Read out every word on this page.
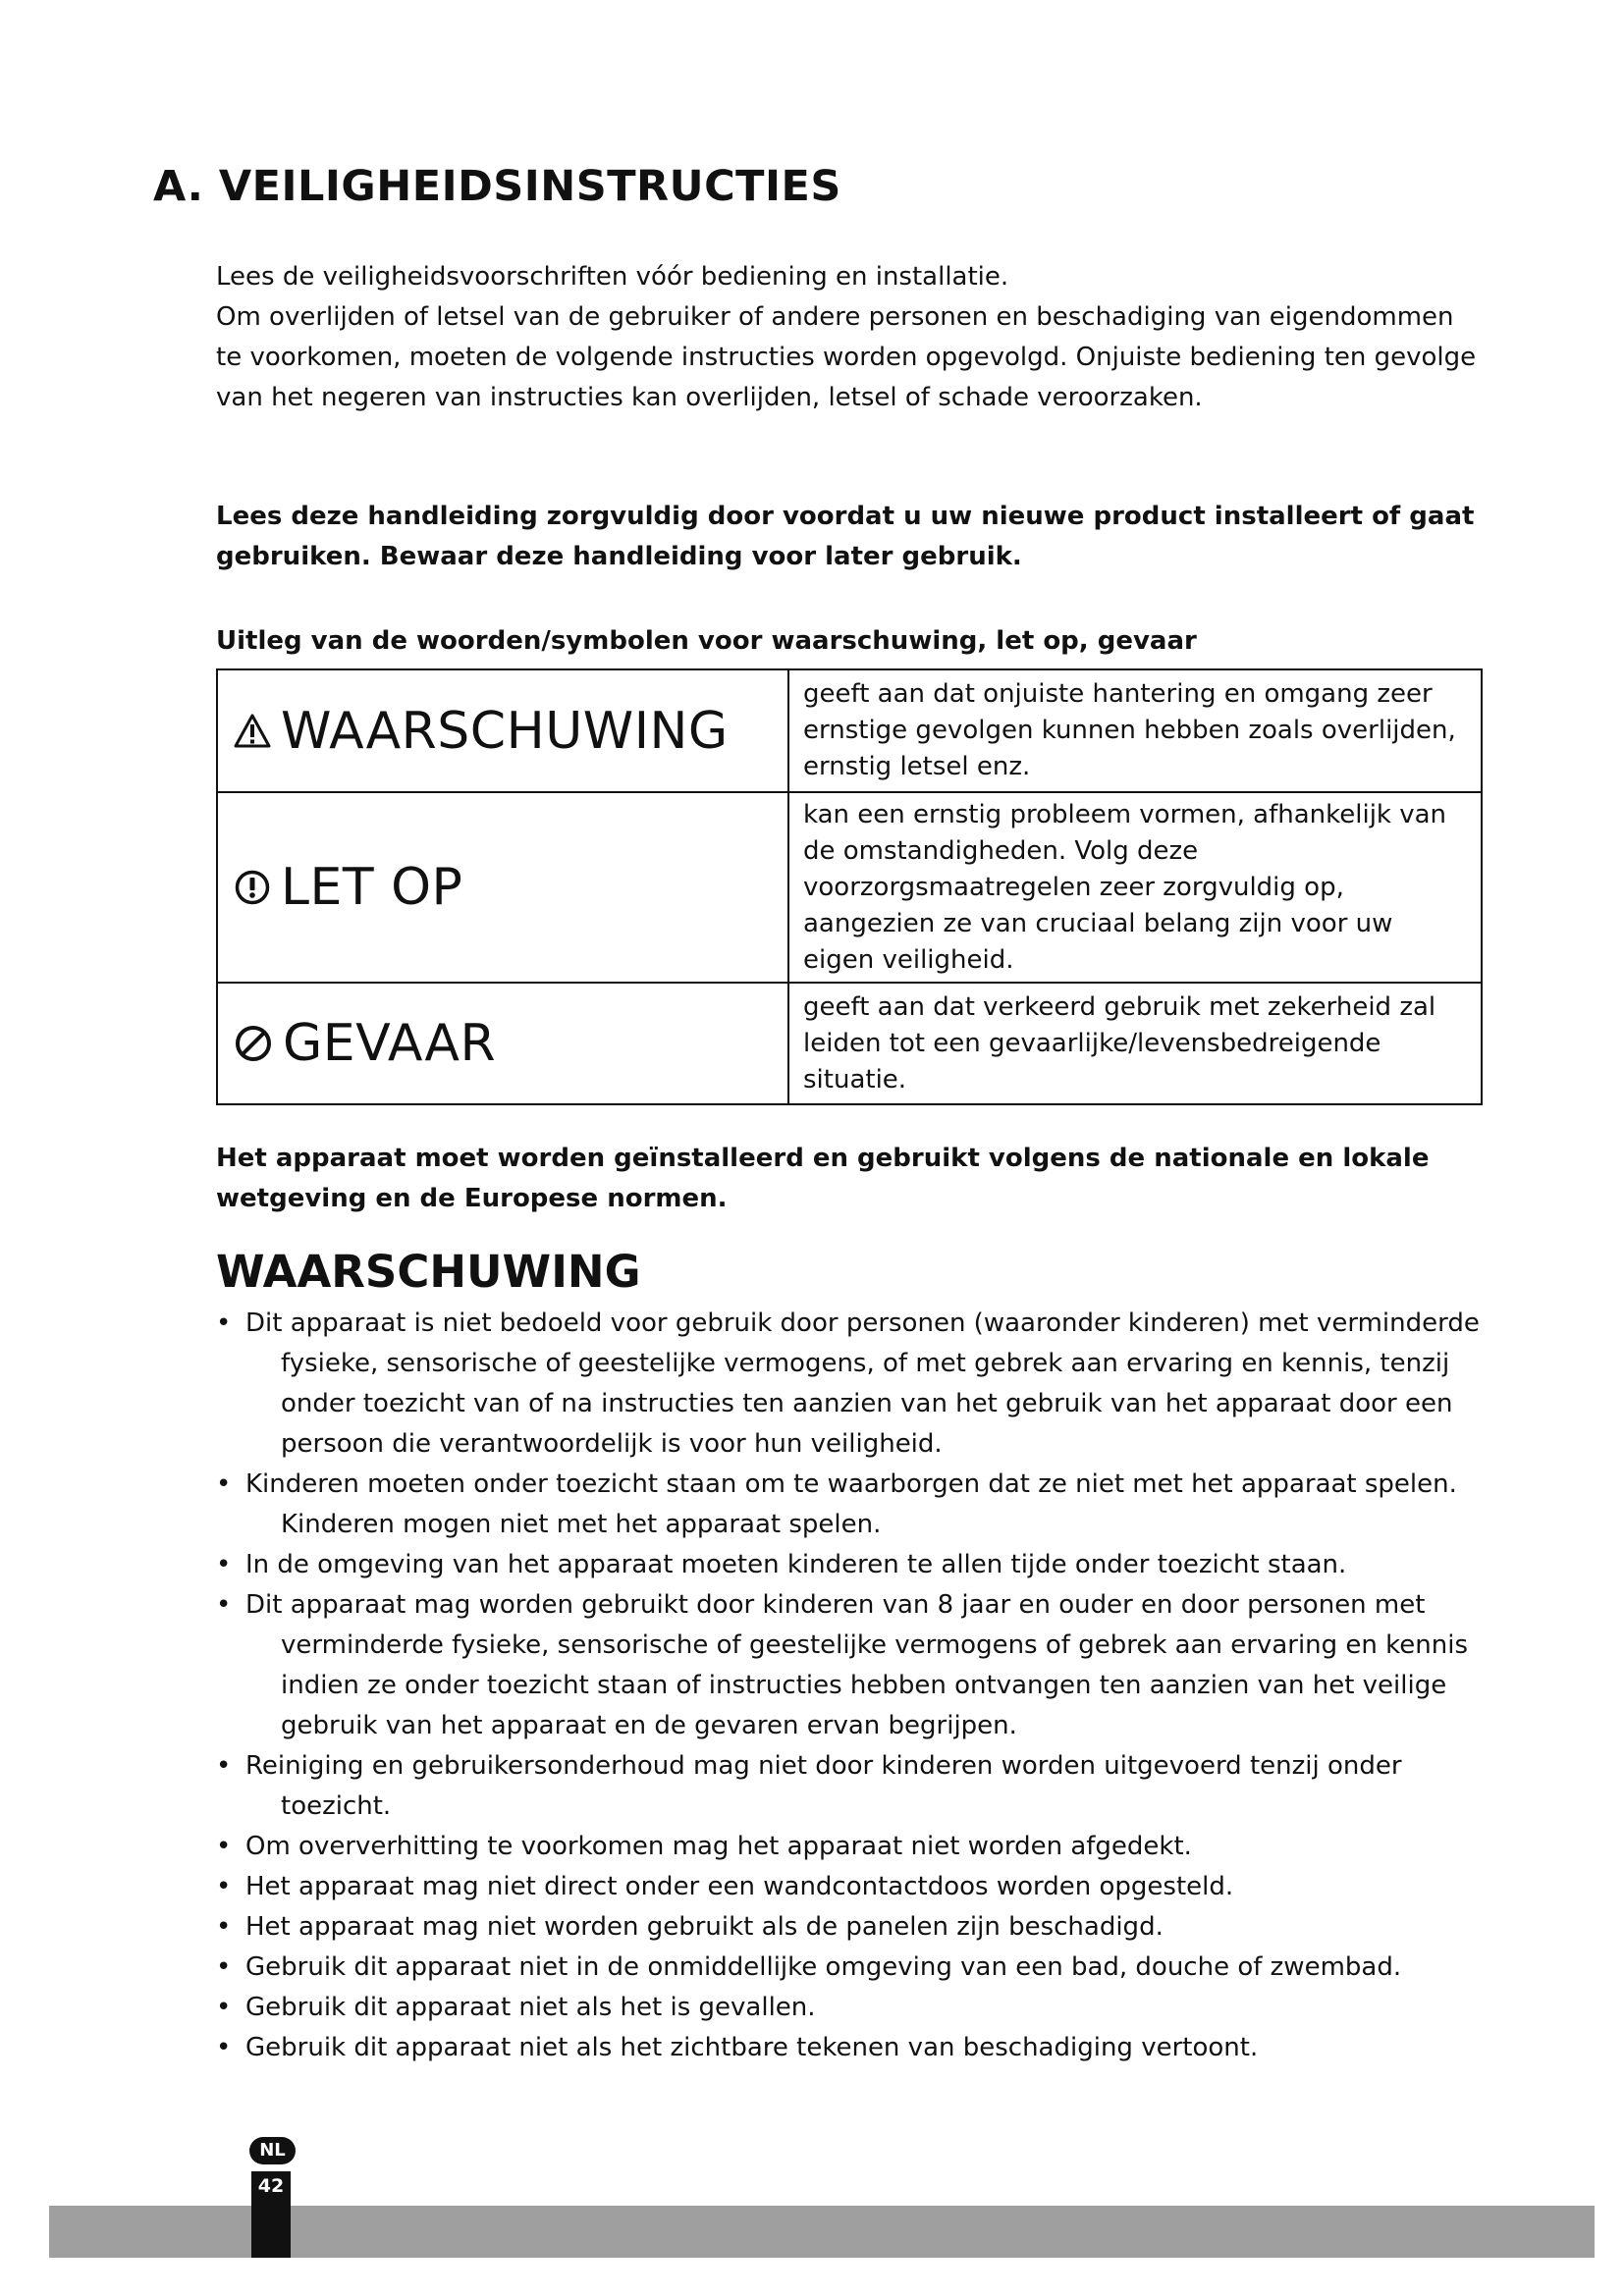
A. VEILIGHEIDSINSTRUCTIES

Lees de veiligheidsvoorschriften vóór bediening en installatie.

Om overlijden of letsel van de gebruiker of andere personen en beschadiging van eigendommen te voorkomen, moeten de volgende instructies worden opgevolgd. Onjuiste bediening ten gevolge van het negeren van instructies kan overlijden, letsel of schade veroorzaken.

Lees deze handleiding zorgvuldig door voordat u uw nieuwe product installeert of gaat gebruiken. Bewaar deze handleiding voor later gebruik.
Uitleg van de woorden/symbolen voor waarschuwing, let op, gevaar
WAARSCHUWING	geeft aan dat onjuiste hantering en omgang zeer ernstige gevolgen kunnen hebben zoals overlijden, ernstig letsel enz.

LET OP	kan een ernstig probleem vormen, afhankelijk van de omstandigheden. Volg deze voorzorgsmaatregelen zeer zorgvuldig op, aangezien ze van cruciaal belang zijn voor uw eigen veiligheid.

GEVAAR	geeft aan dat verkeerd gebruik met zekerheid zal leiden tot een gevaarlijke/levensbedreigende situatie.
Het apparaat moet worden geïnstalleerd en gebruikt volgens de nationale en lokale wetgeving en de Europese normen.
WAARSCHUWING
• Dit apparaat is niet bedoeld voor gebruik door personen (waaronder kinderen) met verminderde fysieke, sensorische of geestelijke vermogens, of met gebrek aan ervaring en kennis, tenzij onder toezicht van of na instructies ten aanzien van het gebruik van het apparaat door een persoon die verantwoordelijk is voor hun veiligheid.
• Kinderen moeten onder toezicht staan om te waarborgen dat ze niet met het apparaat spelen. Kinderen mogen niet met het apparaat spelen.
• In de omgeving van het apparaat moeten kinderen te allen tijde onder toezicht staan.
• Dit apparaat mag worden gebruikt door kinderen van 8 jaar en ouder en door personen met verminderde fysieke, sensorische of geestelijke vermogens of gebrek aan ervaring en kennis indien ze onder toezicht staan of instructies hebben ontvangen ten aanzien van het veilige gebruik van het apparaat en de gevaren ervan begrijpen.
• Reiniging en gebruikersonderhoud mag niet door kinderen worden uitgevoerd tenzij onder toezicht.
• Om oververhitting te voorkomen mag het apparaat niet worden afgedekt.
• Het apparaat mag niet direct onder een wandcontactdoos worden opgesteld.
• Het apparaat mag niet worden gebruikt als de panelen zijn beschadigd.
• Gebruik dit apparaat niet in de onmiddellijke omgeving van een bad, douche of zwembad.
• Gebruik dit apparaat niet als het is gevallen.
• Gebruik dit apparaat niet als het zichtbare tekenen van beschadiging vertoont.
NL
42
